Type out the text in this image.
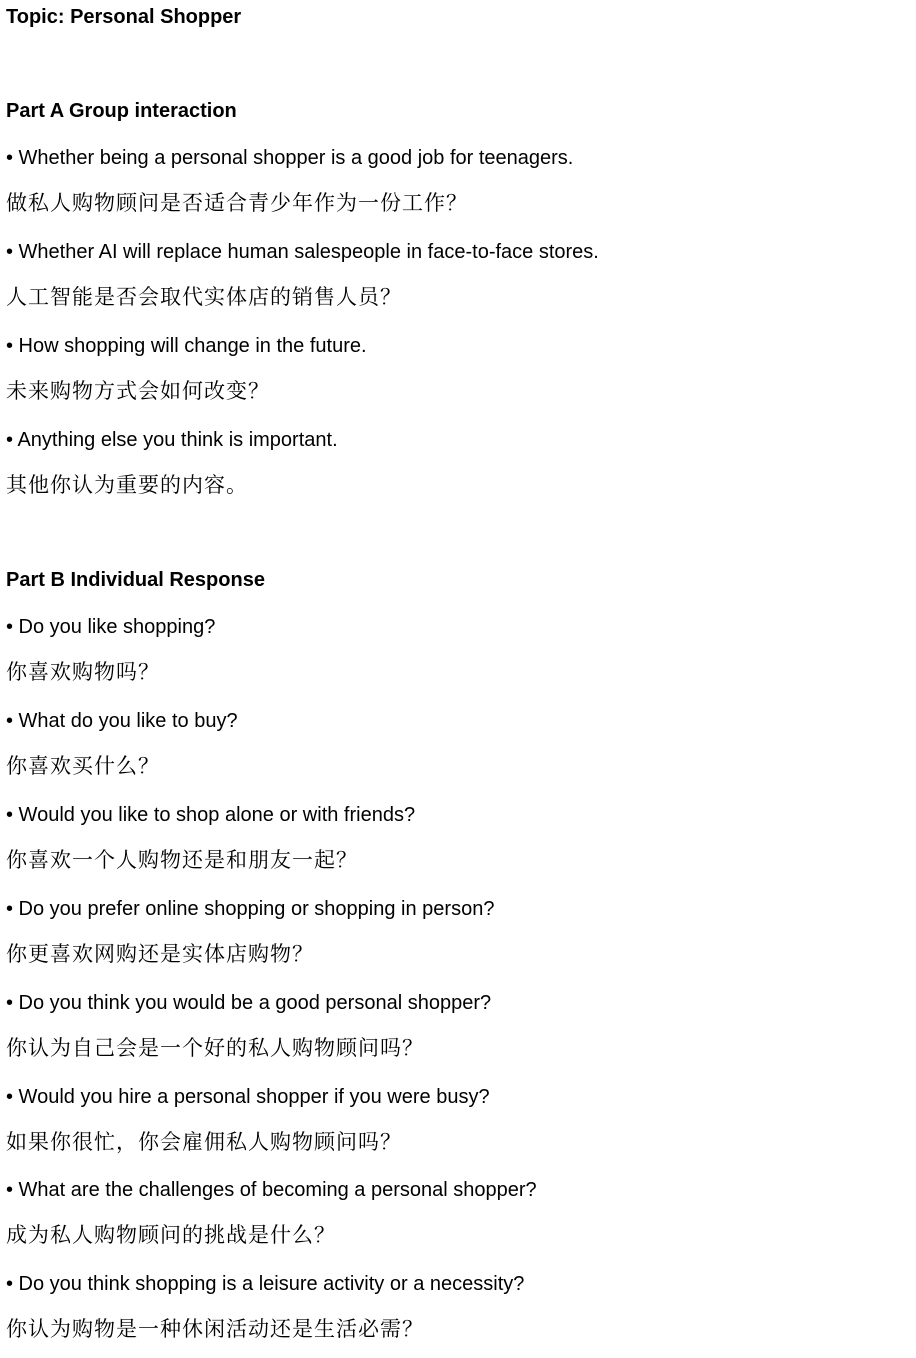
Topic: Personal Shopper
Part A Group interaction
• Whether being a personal shopper is a good job for teenagers.
做私人购物顾问是否适合青少年作为一份工作？
• Whether AI will replace human salespeople in face-to-face stores.
人工智能是否会取代实体店的销售人员？
• How shopping will change in the future.
未来购物方式会如何改变？
• Anything else you think is important.
其他你认为重要的内容。
Part B Individual Response
• Do you like shopping?
你喜欢购物吗？
• What do you like to buy?
你喜欢买什么？
• Would you like to shop alone or with friends?
你喜欢一个人购物还是和朋友一起？
• Do you prefer online shopping or shopping in person?
你更喜欢网购还是实体店购物？
• Do you think you would be a good personal shopper?
你认为自己会是一个好的私人购物顾问吗？
• Would you hire a personal shopper if you were busy?
如果你很忙，你会雇佣私人购物顾问吗？
• What are the challenges of becoming a personal shopper?
成为私人购物顾问的挑战是什么？
• Do you think shopping is a leisure activity or a necessity?
你认为购物是一种休闲活动还是生活必需？
